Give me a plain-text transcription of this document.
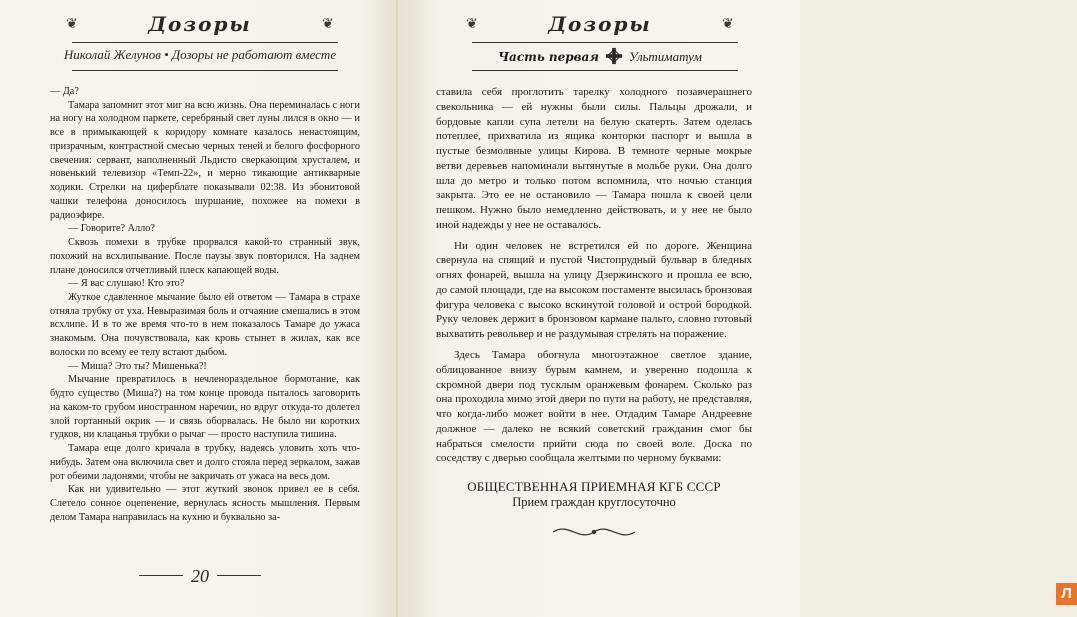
❦	Дозоры	❦
Николай Желунов • Дозоры не работают вместе

— Да?

Тамара запомнит этот миг на всю жизнь. Она переминалась с ноги на ногу на холодном паркете, серебряный свет луны лился в окно — и все в примыкающей к коридору комнате казалось ненастоящим, призрачным, контрастной смесью черных теней и белого фосфорного свечения: сервант, наполненный Льдисто сверкающим хрусталем, и новенький телевизор «Темп-22», и мерно тикающие антикварные ходики. Стрелки на циферблате показывали 02:38. Из эбонитовой чашки телефона доносилось шуршание, похожее на помехи в радиоэфире.

— Говорите? Алло?

Сквозь помехи в трубке прорвался какой-то странный звук, похожий на всхлипывание. После паузы звук повторился. На заднем плане доносился отчетливый плеск капающей воды.

— Я вас слушаю! Кто это?

Жуткое сдавленное мычание было ей ответом — Тамара в страхе отняла трубку от уха. Невыразимая боль и отчаяние смешались в этом всхлипе. И в то же время что-то в нем показалось Тамаре до ужаса знакомым. Она почувствовала, как кровь стынет в жилах, как все волоски по всему ее телу встают дыбом.

— Миша? Это ты? Мишенька?!

Мычание превратилось в нечленораздельное бормотание, как будто существо (Миша?) на том конце провода пыталось заговорить на каком-то грубом иностранном наречии, но вдруг откуда-то долетел злой гортанный окрик — и связь оборвалась. Не было ни коротких гудков, ни клацанья трубки о рычаг — просто наступила тишина.

Тамара еще долго кричала в трубку, надеясь уловить хоть что-нибудь. Затем она включила свет и долго стояла перед зеркалом, зажав рот обеими ладонями, чтобы не закричать от ужаса на весь дом.

Как ни удивительно — этот жуткий звонок привел ее в себя. Слетело сонное оцепенение, вернулась ясность мышления. Первым делом Тамара направилась на кухню и буквально за-

20
❦	Дозоры	❦
Часть первая Ультиматум

ставила себя проглотить тарелку холодного позавчерашнего свекольника — ей нужны были силы. Пальцы дрожали, и бордовые капли супа летели на белую скатерть. Затем оделась потеплее, прихватила из ящика конторки паспорт и вышла в пустые безмолвные улицы Кирова. В темноте черные мокрые ветви деревьев напоминали вытянутые в мольбе руки. Она долго шла до метро и только потом вспомнила, что ночью станция закрыта. Это ее не остановило — Тамара пошла к своей цели пешком. Нужно было немедленно действовать, и у нее не было иной надежды у нее не оставалось.

Ни один человек не встретился ей по дороге. Женщина свернула на спящий и пустой Чистопрудный бульвар в бледных огнях фонарей, вышла на улицу Дзержинского и прошла ее всю, до самой площади, где на высоком постаменте высилась бронзовая фигура человека с высоко вскинутой головой и острой бородкой. Руку человек держит в бронзовом кармане пальто, словно готовый выхватить револьвер и не раздумывая стрелять на поражение.

Здесь Тамара обогнула многоэтажное светлое здание, облицованное внизу бурым камнем, и уверенно подошла к скромной двери под тусклым оранжевым фонарем. Сколько раз она проходила мимо этой двери по пути на работу, не представляя, что когда-либо может войти в нее. Отдадим Тамаре Андреевне должное — далеко не всякий советский гражданин смог бы набраться смелости прийти сюда по своей воле. Доска по соседству с дверью сообщала желтыми по черному буквами:

ОБЩЕСТВЕННАЯ ПРИЕМНАЯ КГБ СССР

Прием граждан круглосуточно

Л
